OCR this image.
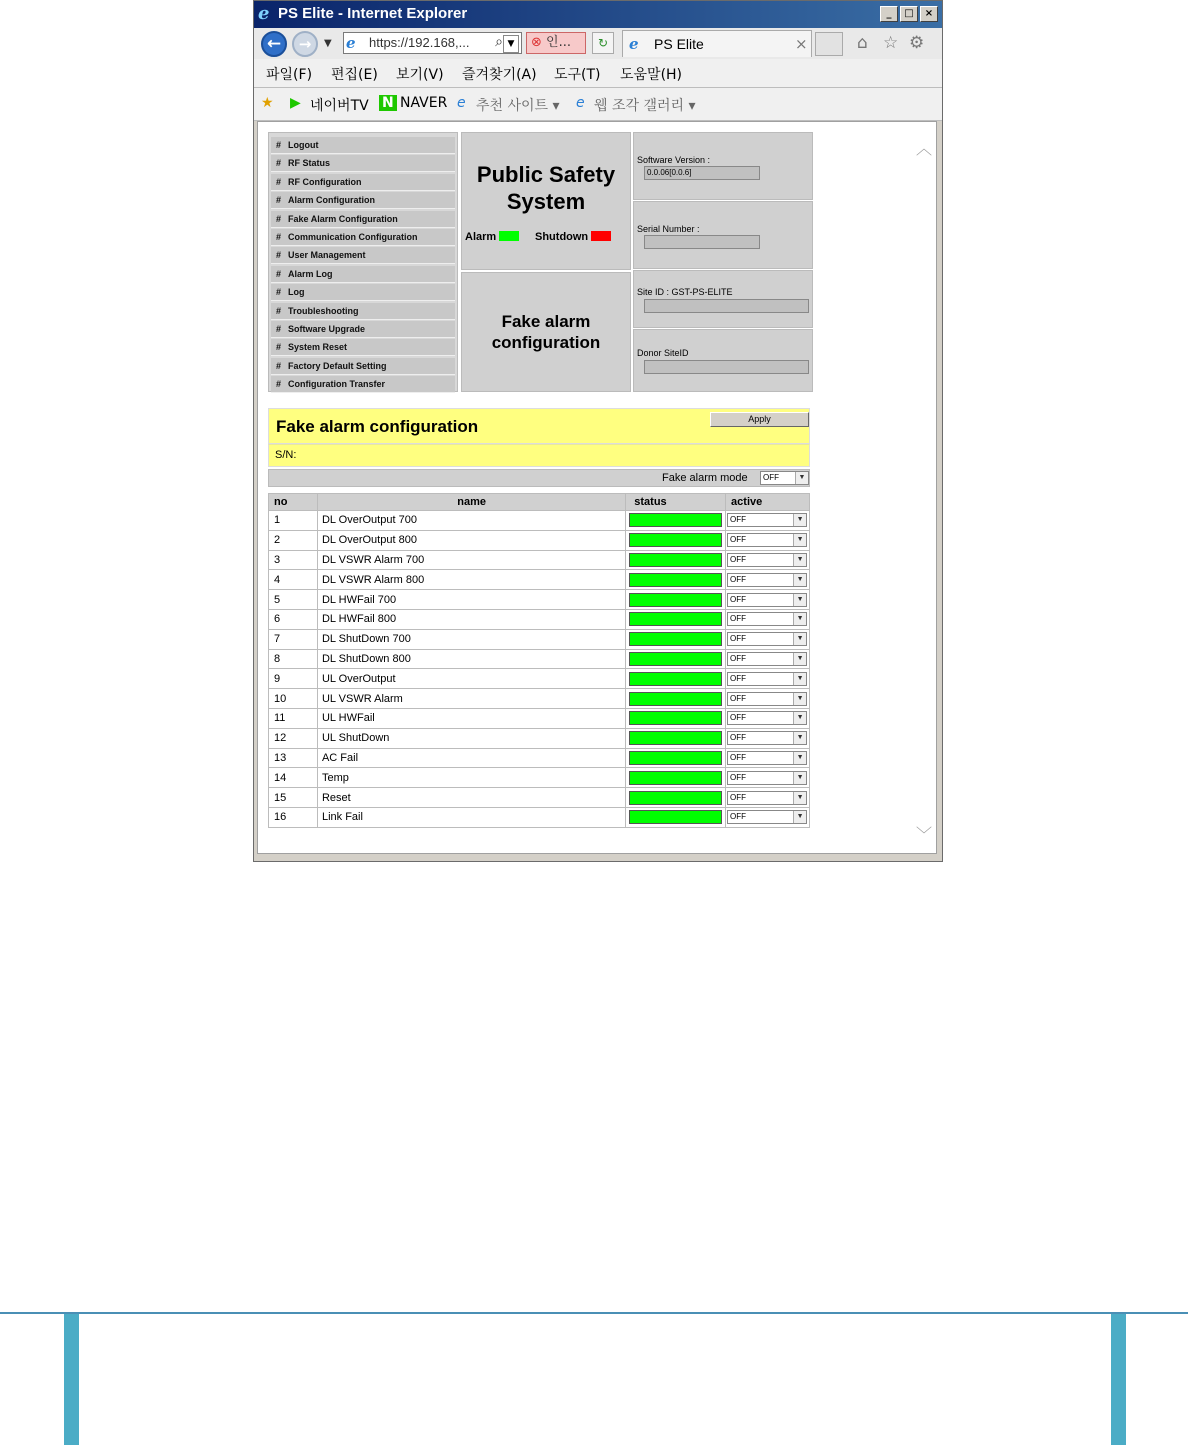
e PS Elite - Internet Explorer	_	□	×
←	→	▼ e https://192.168,... ⌕ ▼	⊗ 인...	↻	e PS Elite	×	⌂ ☆ ⚙
파일(F) 편집(E) 보기(V) 즐겨찾기(A) 도구(T) 도움말(H)
★ ▶ 네이버TV N NAVER e 추천 사이트 ▾ e 웹 조각 갤러리 ▾
︿
﹀
# Logout
# RF Status
# RF Configuration
# Alarm Configuration
# Fake Alarm Configuration
# Communication Configuration
# User Management
# Alarm Log
# Log
# Troubleshooting
# Software Upgrade
# System Reset
# Factory Default Setting
# Configuration Transfer
Public Safety
System
Alarm	Shutdown
Fake alarm
configuration
Software Version :
0.0.06[0.0.6]
Serial Number :
Site ID : GST-PS-ELITE
Donor SiteID
Fake alarm configuration	Apply
S/N:
Fake alarm mode	OFF	▼
no	name	status	active
1	DL OverOutput 700		OFF ▼

2	DL OverOutput 800		OFF ▼

3	DL VSWR Alarm 700		OFF ▼

4	DL VSWR Alarm 800		OFF ▼

5	DL HWFail 700		OFF ▼

6	DL HWFail 800		OFF ▼

7	DL ShutDown 700		OFF ▼

8	DL ShutDown 800		OFF ▼

9	UL OverOutput		OFF ▼

10	UL VSWR Alarm		OFF ▼

11	UL HWFail		OFF ▼

12	UL ShutDown		OFF ▼

13	AC Fail		OFF ▼

14	Temp		OFF ▼

15	Reset		OFF ▼

16	Link Fail		OFF ▼
